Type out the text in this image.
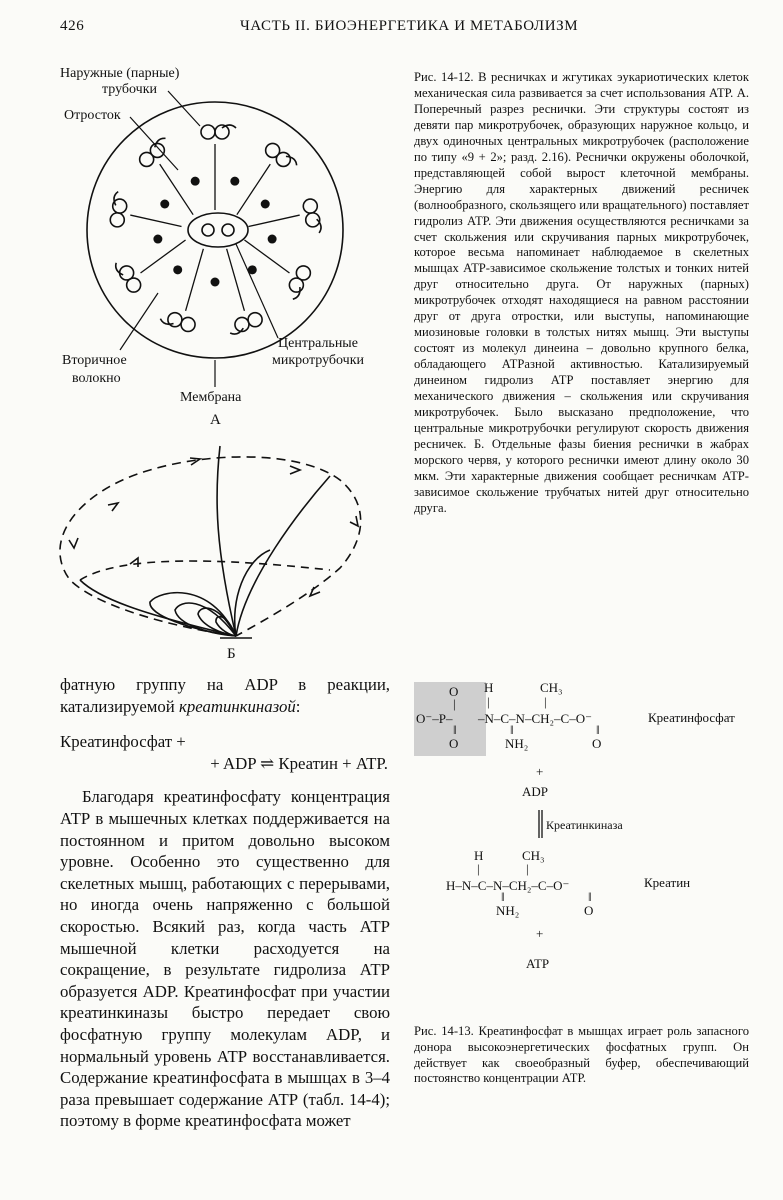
426	ЧАСТЬ II. БИОЭНЕРГЕТИКА И МЕТАБОЛИЗМ
Наружные (парные)
трубочки
Отросток
Вторичное
волокно
Центральные
микротрубочки
Мембрана
А
Б
Рис. 14-12. В ресничках и жгутиках эукариотических клеток механическая сила развивается за счет использования АТР. А. Поперечный разрез реснички. Эти структуры состоят из девяти пар микротрубочек, образующих наружное кольцо, и двух одиночных центральных микротрубочек (расположение по типу «9 + 2»; разд. 2.16). Реснички окружены оболочкой, представляющей собой вырост клеточной мембраны. Энергию для характерных движений ресничек (волнообразного, скользящего или вращательного) поставляет гидролиз АТР. Эти движения осуществляются ресничками за счет скольжения или скручивания парных микротрубочек, которое весьма напоминает наблюдаемое в скелетных мышцах АТР-зависимое скольжение толстых и тонких нитей друг относительно друга. От наружных (парных) микротрубочек отходят находящиеся на равном расстоянии друг от друга отростки, или выступы, напоминающие миозиновые головки в толстых нитях мышц. Эти выступы состоят из молекул динеина – довольно крупного белка, обладающего АТРазной активностью. Катализируемый динеином гидролиз АТР поставляет энергию для механического движения – скольжения или скручивания микротрубочек. Было высказано предположение, что центральные микротрубочки регулируют скорость движения ресничек. Б. Отдельные фазы биения реснички в жабрах морского червя, у которого реснички имеют длину около 30 мкм. Эти характерные движения сообщает ресничкам АТР-зависимое скольжение трубчатых нитей друг относительно друга.

фатную группу на ADP в реакции, катализируемой креатинкиназой:

Креатинфосфат +

+ ADP ⇌ Креатин + ATP.

Благодаря креатинфосфату концентрация АТР в мышечных клетках поддерживается на постоянном и притом довольно высоком уровне. Особенно это существенно для скелетных мышц, работающих с перерывами, но иногда очень напряженно с большой скоростью. Всякий раз, когда часть АТР мышечной клетки расходуется на сокращение, в результате гидролиза АТР образуется ADP. Креатинфосфат при участии креатинкиназы быстро передает свою фосфатную группу молекулам ADP, и нормальный уровень АТР восстанавливается. Содержание креатинфосфата в мышцах в 3–4 раза превышает содержание АТР (табл. 14-4); поэтому в форме креатинфосфата может

O
|
O⁻–P–
‖
O
H
|
–N–C–N–CH₂–C–O⁻
‖
NH₂
CH₃
|
‖
O
H
|
H–N–C–N–CH₂–C–O⁻
‖
NH₂
CH₃
|
‖
O
Креатинфосфат
+
ADP
Креатинкиназа
Креатин
+
ATP
Рис. 14-13. Креатинфосфат в мышцах играет роль запасного донора высокоэнергетических фосфатных групп. Он действует как своеобразный буфер, обеспечивающий постоянство концентрации АТР.
